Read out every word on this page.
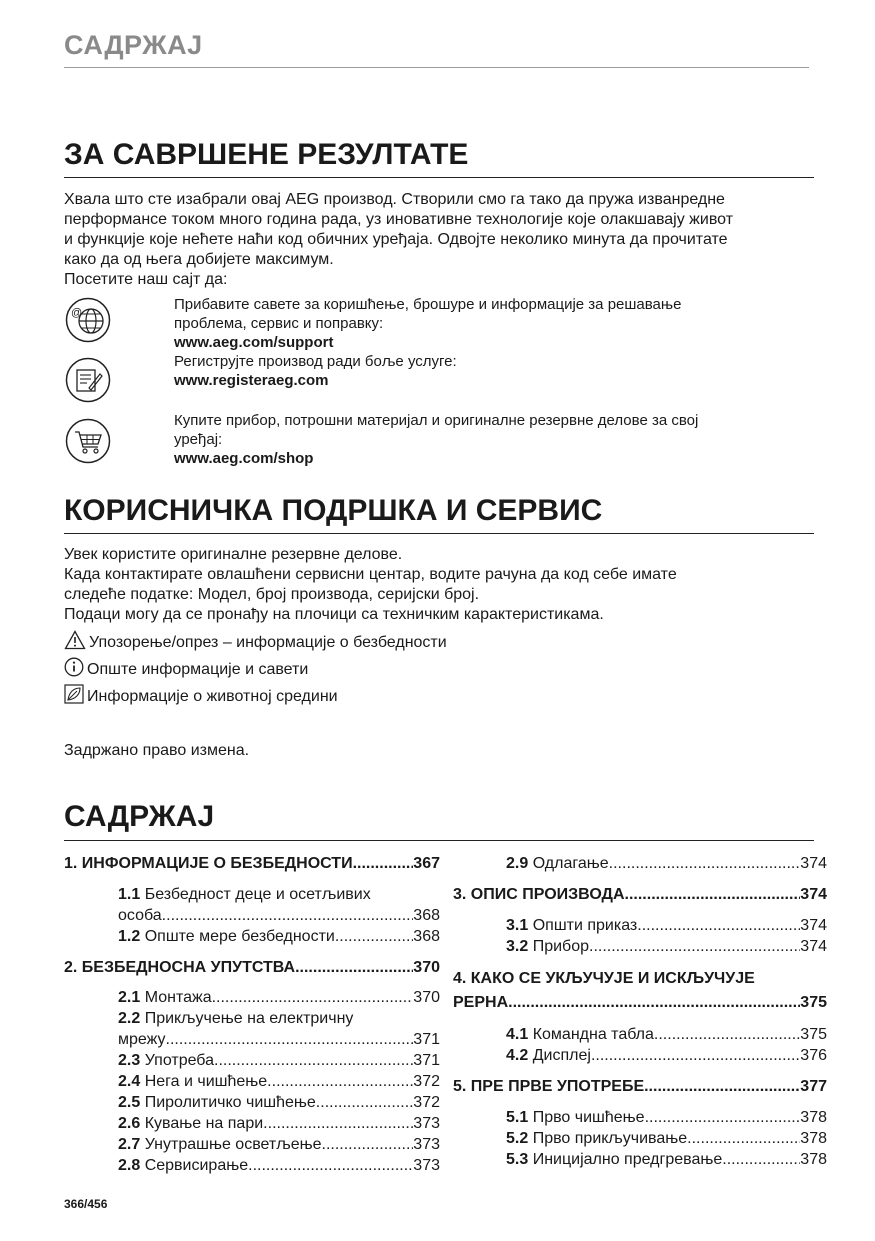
САДРЖАЈ
ЗА САВРШЕНЕ РЕЗУЛТАТЕ
Хвала што сте изабрали овај AEG производ. Створили смо га тако да пружа изванредне
перформансе током много година рада, уз иновативне технологије које олакшавају живот
и функције које нећете наћи код обичних уређаја. Одвојте неколико минута да прочитате
како да од њега добијете максимум.
Посетите наш сајт да:
@	Прибавите савете за коришћење, брошуре и информације за решавање
проблема, сервис и поправку:
www.aeg.com/support
Региструјте производ ради боље услуге:
www.registeraeg.com
Купите прибор, потрошни материјал и оригиналне резервне делове за свој
уређај:
www.aeg.com/shop
КОРИСНИЧКА ПОДРШКА И СЕРВИС
Увек користите оригиналне резервне делове.
Када контактирате овлашћени сервисни центар, водите рачуна да код себе имате
следеће податке: Модел, број производа, серијски број.
Подаци могу да се пронађу на плочици са техничким карактеристикама.
Упозорење/опрез – информације о безбедности
Опште информације и савети
Информације о животној средини
Задржано право измена.
САДРЖАЈ
1. ИНФОРМАЦИЈЕ О БЕЗБЕДНОСТИ .....	367
1.1 Безбедност деце и осетљивих
особа .....	368
1.2 Опште мере безбедности .....	368
2. БЕЗБЕДНОСНА УПУТСТВА .....	370
2.1 Монтажа .....	370
2.2 Прикључење на електричну
мрежу .....	371
2.3 Употреба .....	371
2.4 Нега и чишћење .....	372
2.5 Пиролитичко чишћење .....	372
2.6 Кување на пари .....	373
2.7 Унутрашње осветљење .....	373
2.8 Сервисирање .....	373
2.9 Одлагање .....	374
3. ОПИС ПРОИЗВОДА .....	374
3.1 Општи приказ .....	374
3.2 Прибор .....	374
4. КАКО СЕ УКЉУЧУЈЕ И ИСКЉУЧУЈЕ
РЕРНА .....	375
4.1 Командна табла .....	375
4.2 Дисплеј .....	376
5. ПРЕ ПРВЕ УПОТРЕБЕ .....	377
5.1 Прво чишћење .....	378
5.2 Прво прикључивање .....	378
5.3 Иницијално предгревање .....	378
366/456
